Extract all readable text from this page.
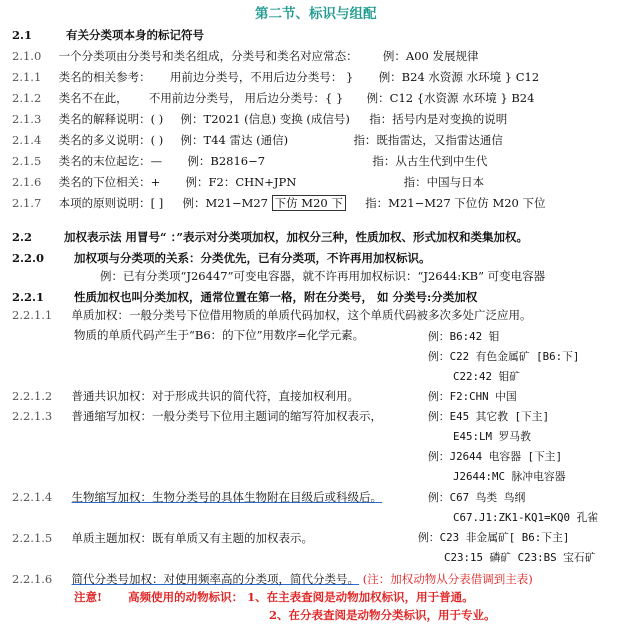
第二节、标识与组配
2.1	有关分类项本身的标记符号
2.1.0 一个分类项由分类号和类名组成，分类号和类名对应常态： 例：A00 发展规律
2.1.1 类名的相关参考： 用前边分类号，不用后边分类号： } 例：B24 水资源 水环境 } C12
2.1.2 类名不在此， 不用前边分类号， 用后边分类号：{ } 例：C12 {水资源 水环境 } B24
2.1.3 类名的解释说明：( ) 例：T2021 (信息) 变换 (成信号) 指：括号内是对变换的说明
2.1.4 类名的多义说明：( ) 例：T44 雷达 (通信)	指：既指雷达，又指雷达通信
2.1.5 类名的末位起讫：— 例：B2816−7	指：从古生代到中生代
2.1.6 类名的下位相关：+ 例：F2：CHN+JPN	指：中国与日本
2.1.7 本项的原则说明：[ ] 例：M21−M27 下仿 M20 下 指：M21−M27 下位仿 M20 下位
2.2	加权表示法 用冒号“ ：”表示对分类项加权，加权分三种，性质加权、形式加权和类集加权。
2.2.0	加权项与分类项的关系：分类优先，已有分类项，不许再用加权标识。
例：已有分类项“J26447”可变电容器，就不许再用加权标识：“J2644:KB” 可变电容器
2.2.1	性质加权也叫分类加权，通常位置在第一格，附在分类号， 如 分类号:分类加权
2.2.1.1 单质加权：一般分类号下位借用物质的单质代码加权，这个单质代码被多次多处广泛应用。
物质的单质代码产生于“B6：的下位”用数序=化学元素。	例：B6:42 钼
例：C22 有色金属矿 [B6:下]
C22:42 钼矿
2.2.1.2 普通共识加权：对于形成共识的简代符，直接加权利用。	例：F2:CHN 中国
2.2.1.3 普通缩写加权：一般分类号下位用主题词的缩写符加权表示，	例：E45 其它教 [下主]
E45:LM 罗马教
例：J2644 电容器 [下主]
J2644:MC 脉冲电容器
2.2.1.4 生物缩写加权：生物分类号的具体生物附在目级后或科级后。	例：C67 鸟类 鸟纲
C67.J1:ZK1-KQ1=KQ0 孔雀
2.2.1.5 单质主题加权：既有单质又有主题的加权表示。	例：C23 非金属矿[ B6:下主]
C23:15 磷矿 C23:BS 宝石矿
2.2.1.6 简代分类号加权：对使用频率高的分类项，简代分类号。 (注：加权动物从分表借调到主表)
注意! 高频使用的动物标识： 1、在主表查阅是动物加权标识，用于普通。
2、在分表查阅是动物分类标识，用于专业。
